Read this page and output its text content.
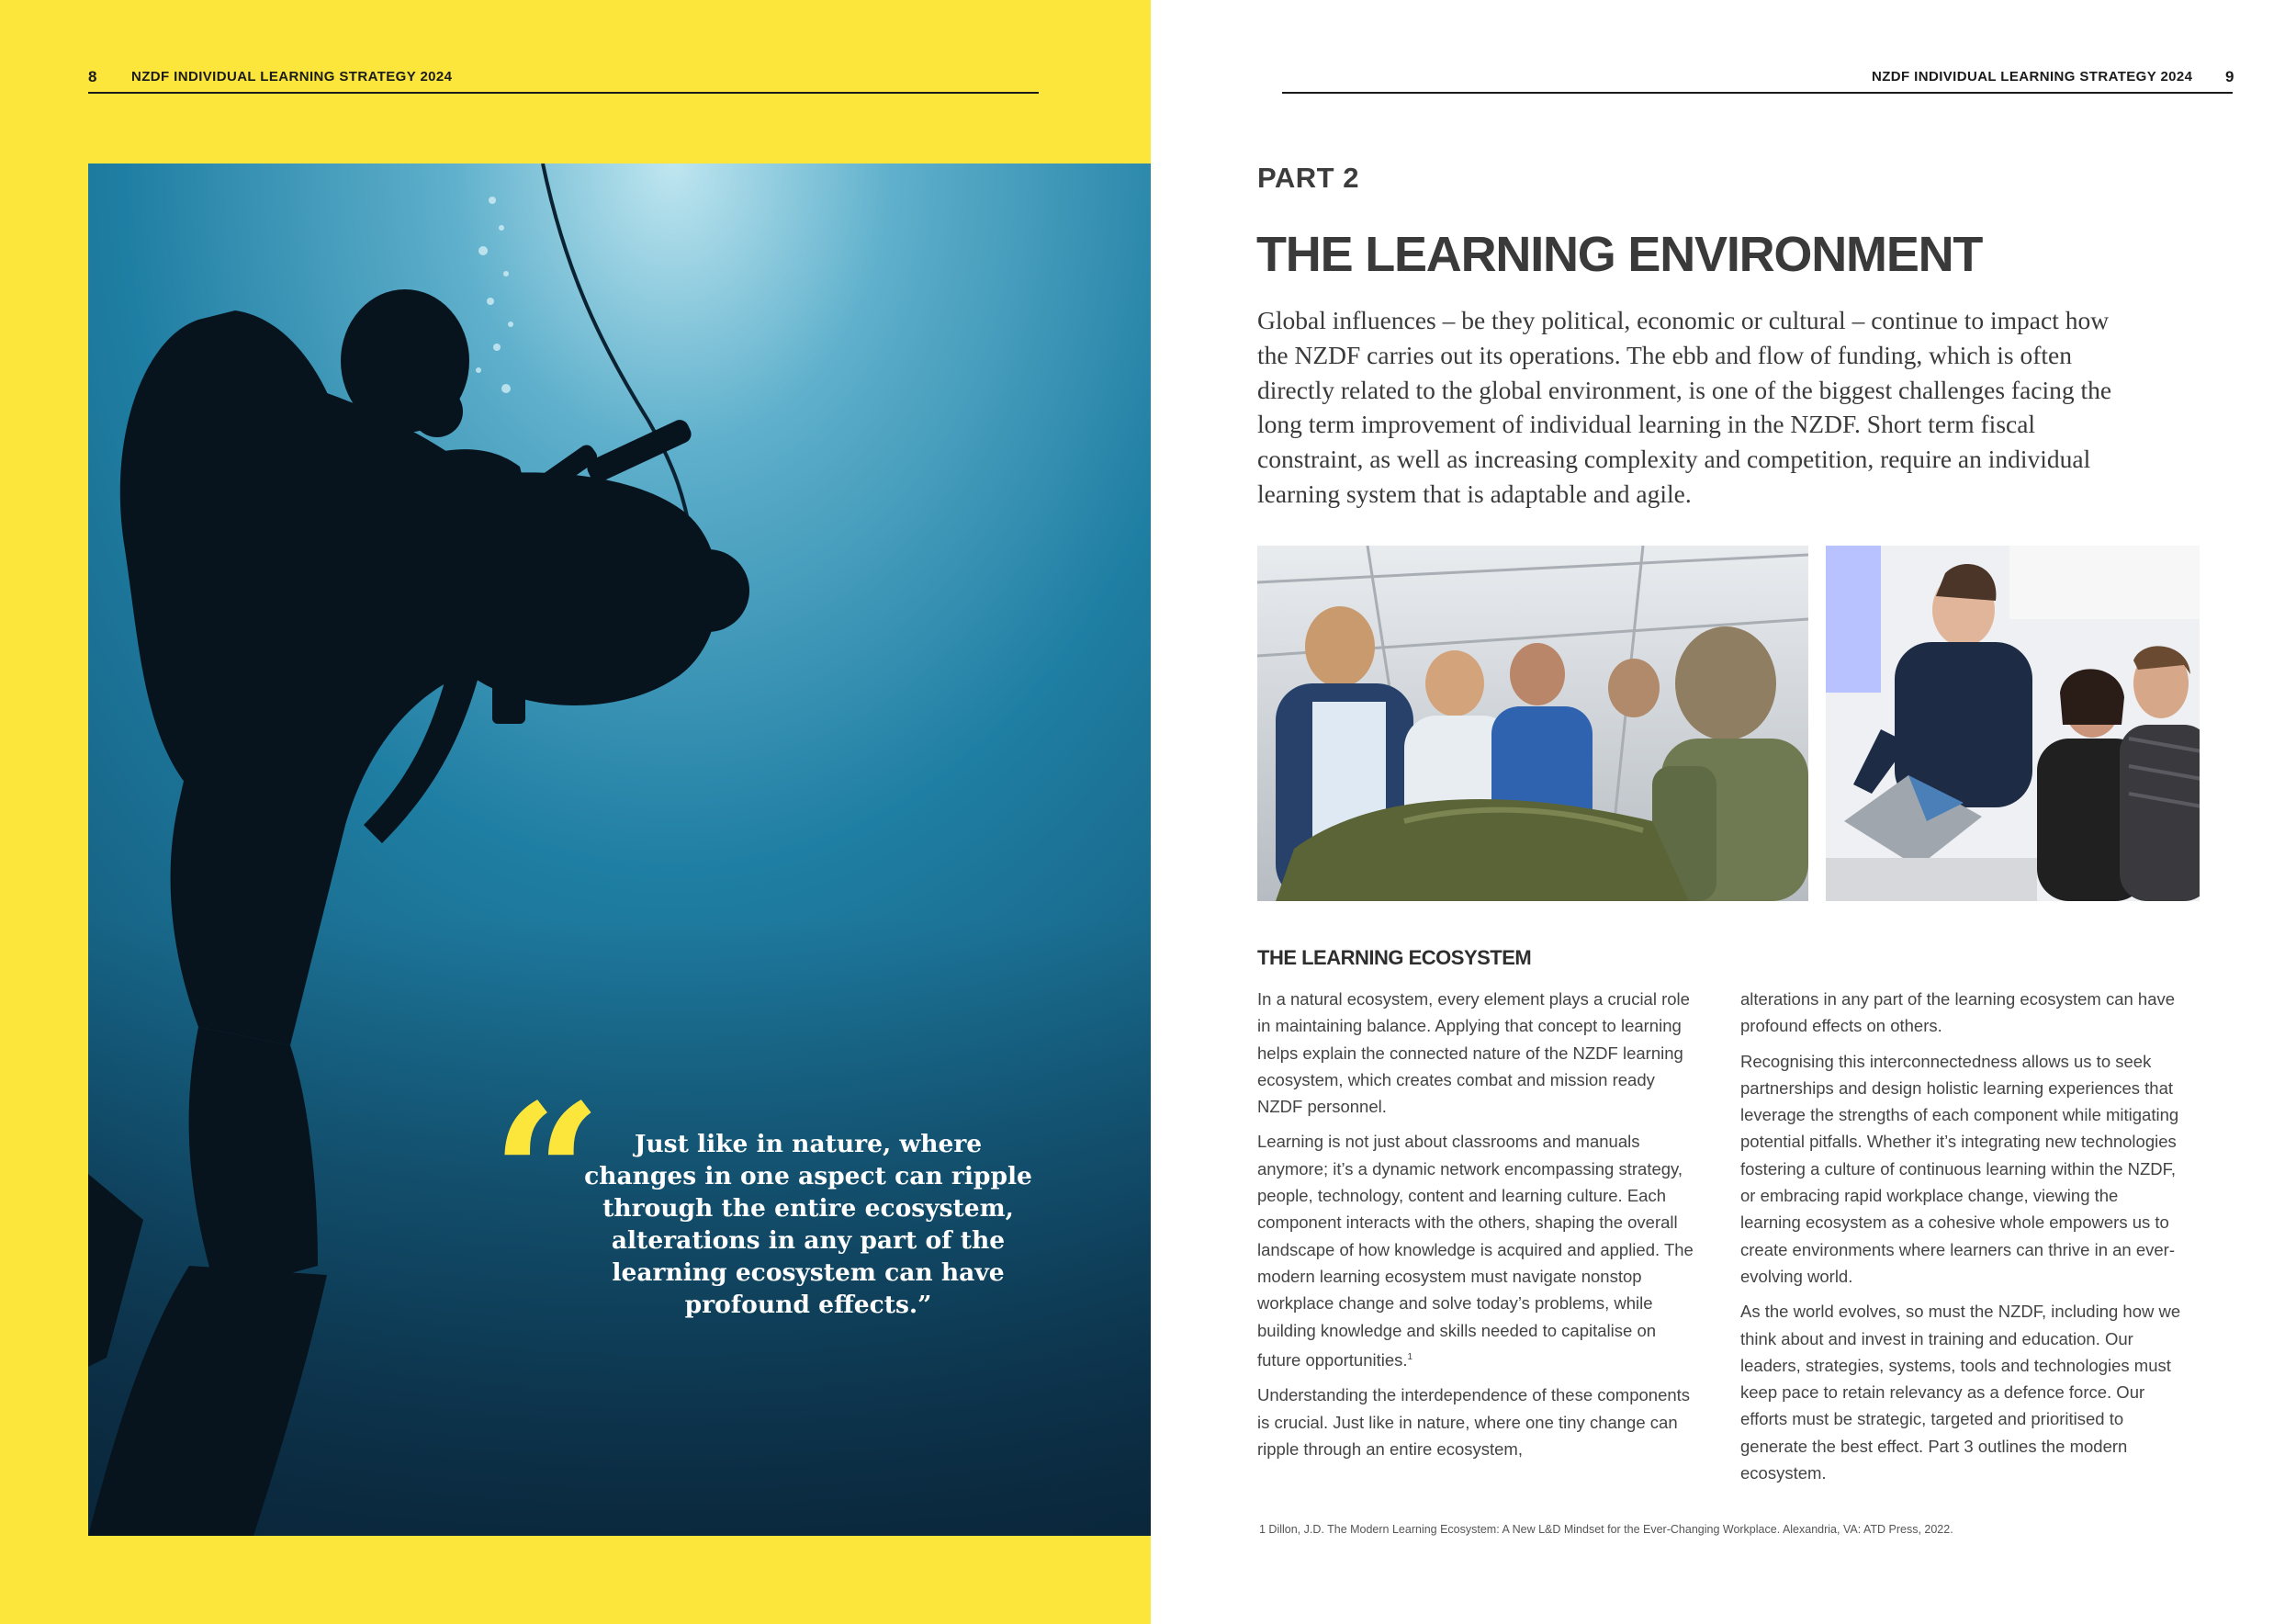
8 NZDF INDIVIDUAL LEARNING STRATEGY 2024
“	Just like in nature, where changes in one aspect can ripple through the entire ecosystem, alterations in any part of the learning ecosystem can have profound effects.”
NZDF INDIVIDUAL LEARNING STRATEGY 2024 9
PART 2
THE LEARNING ENVIRONMENT
Global influences – be they political, economic or cultural – continue to impact how the NZDF carries out its operations. The ebb and flow of funding, which is often directly related to the global environment, is one of the biggest challenges facing the long term improvement of individual learning in the NZDF. Short term fiscal constraint, as well as increasing complexity and competition, require an individual learning system that is adaptable and agile.
THE LEARNING ECOSYSTEM

In a natural ecosystem, every element plays a crucial role in maintaining balance. Applying that concept to learning helps explain the connected nature of the NZDF learning ecosystem, which creates combat and mission ready NZDF personnel.

Learning is not just about classrooms and manuals anymore; it’s a dynamic network encompassing strategy, people, technology, content and learning culture. Each component interacts with the others, shaping the overall landscape of how knowledge is acquired and applied. The modern learning ecosystem must navigate nonstop workplace change and solve today’s problems, while building knowledge and skills needed to capitalise on future opportunities.$^1$

Understanding the interdependence of these components is crucial. Just like in nature, where one tiny change can ripple through an entire ecosystem,

alterations in any part of the learning ecosystem can have profound effects on others.

Recognising this interconnectedness allows us to seek partnerships and design holistic learning experiences that leverage the strengths of each component while mitigating potential pitfalls. Whether it’s integrating new technologies fostering a culture of continuous learning within the NZDF, or embracing rapid workplace change, viewing the learning ecosystem as a cohesive whole empowers us to create environments where learners can thrive in an ever-evolving world.

As the world evolves, so must the NZDF, including how we think about and invest in training and education. Our leaders, strategies, systems, tools and technologies must keep pace to retain relevancy as a defence force. Our efforts must be strategic, targeted and prioritised to generate the best effect. Part 3 outlines the modern ecosystem.

1 Dillon, J.D. The Modern Learning Ecosystem: A New L&D Mindset for the Ever-Changing Workplace. Alexandria, VA: ATD Press, 2022.
